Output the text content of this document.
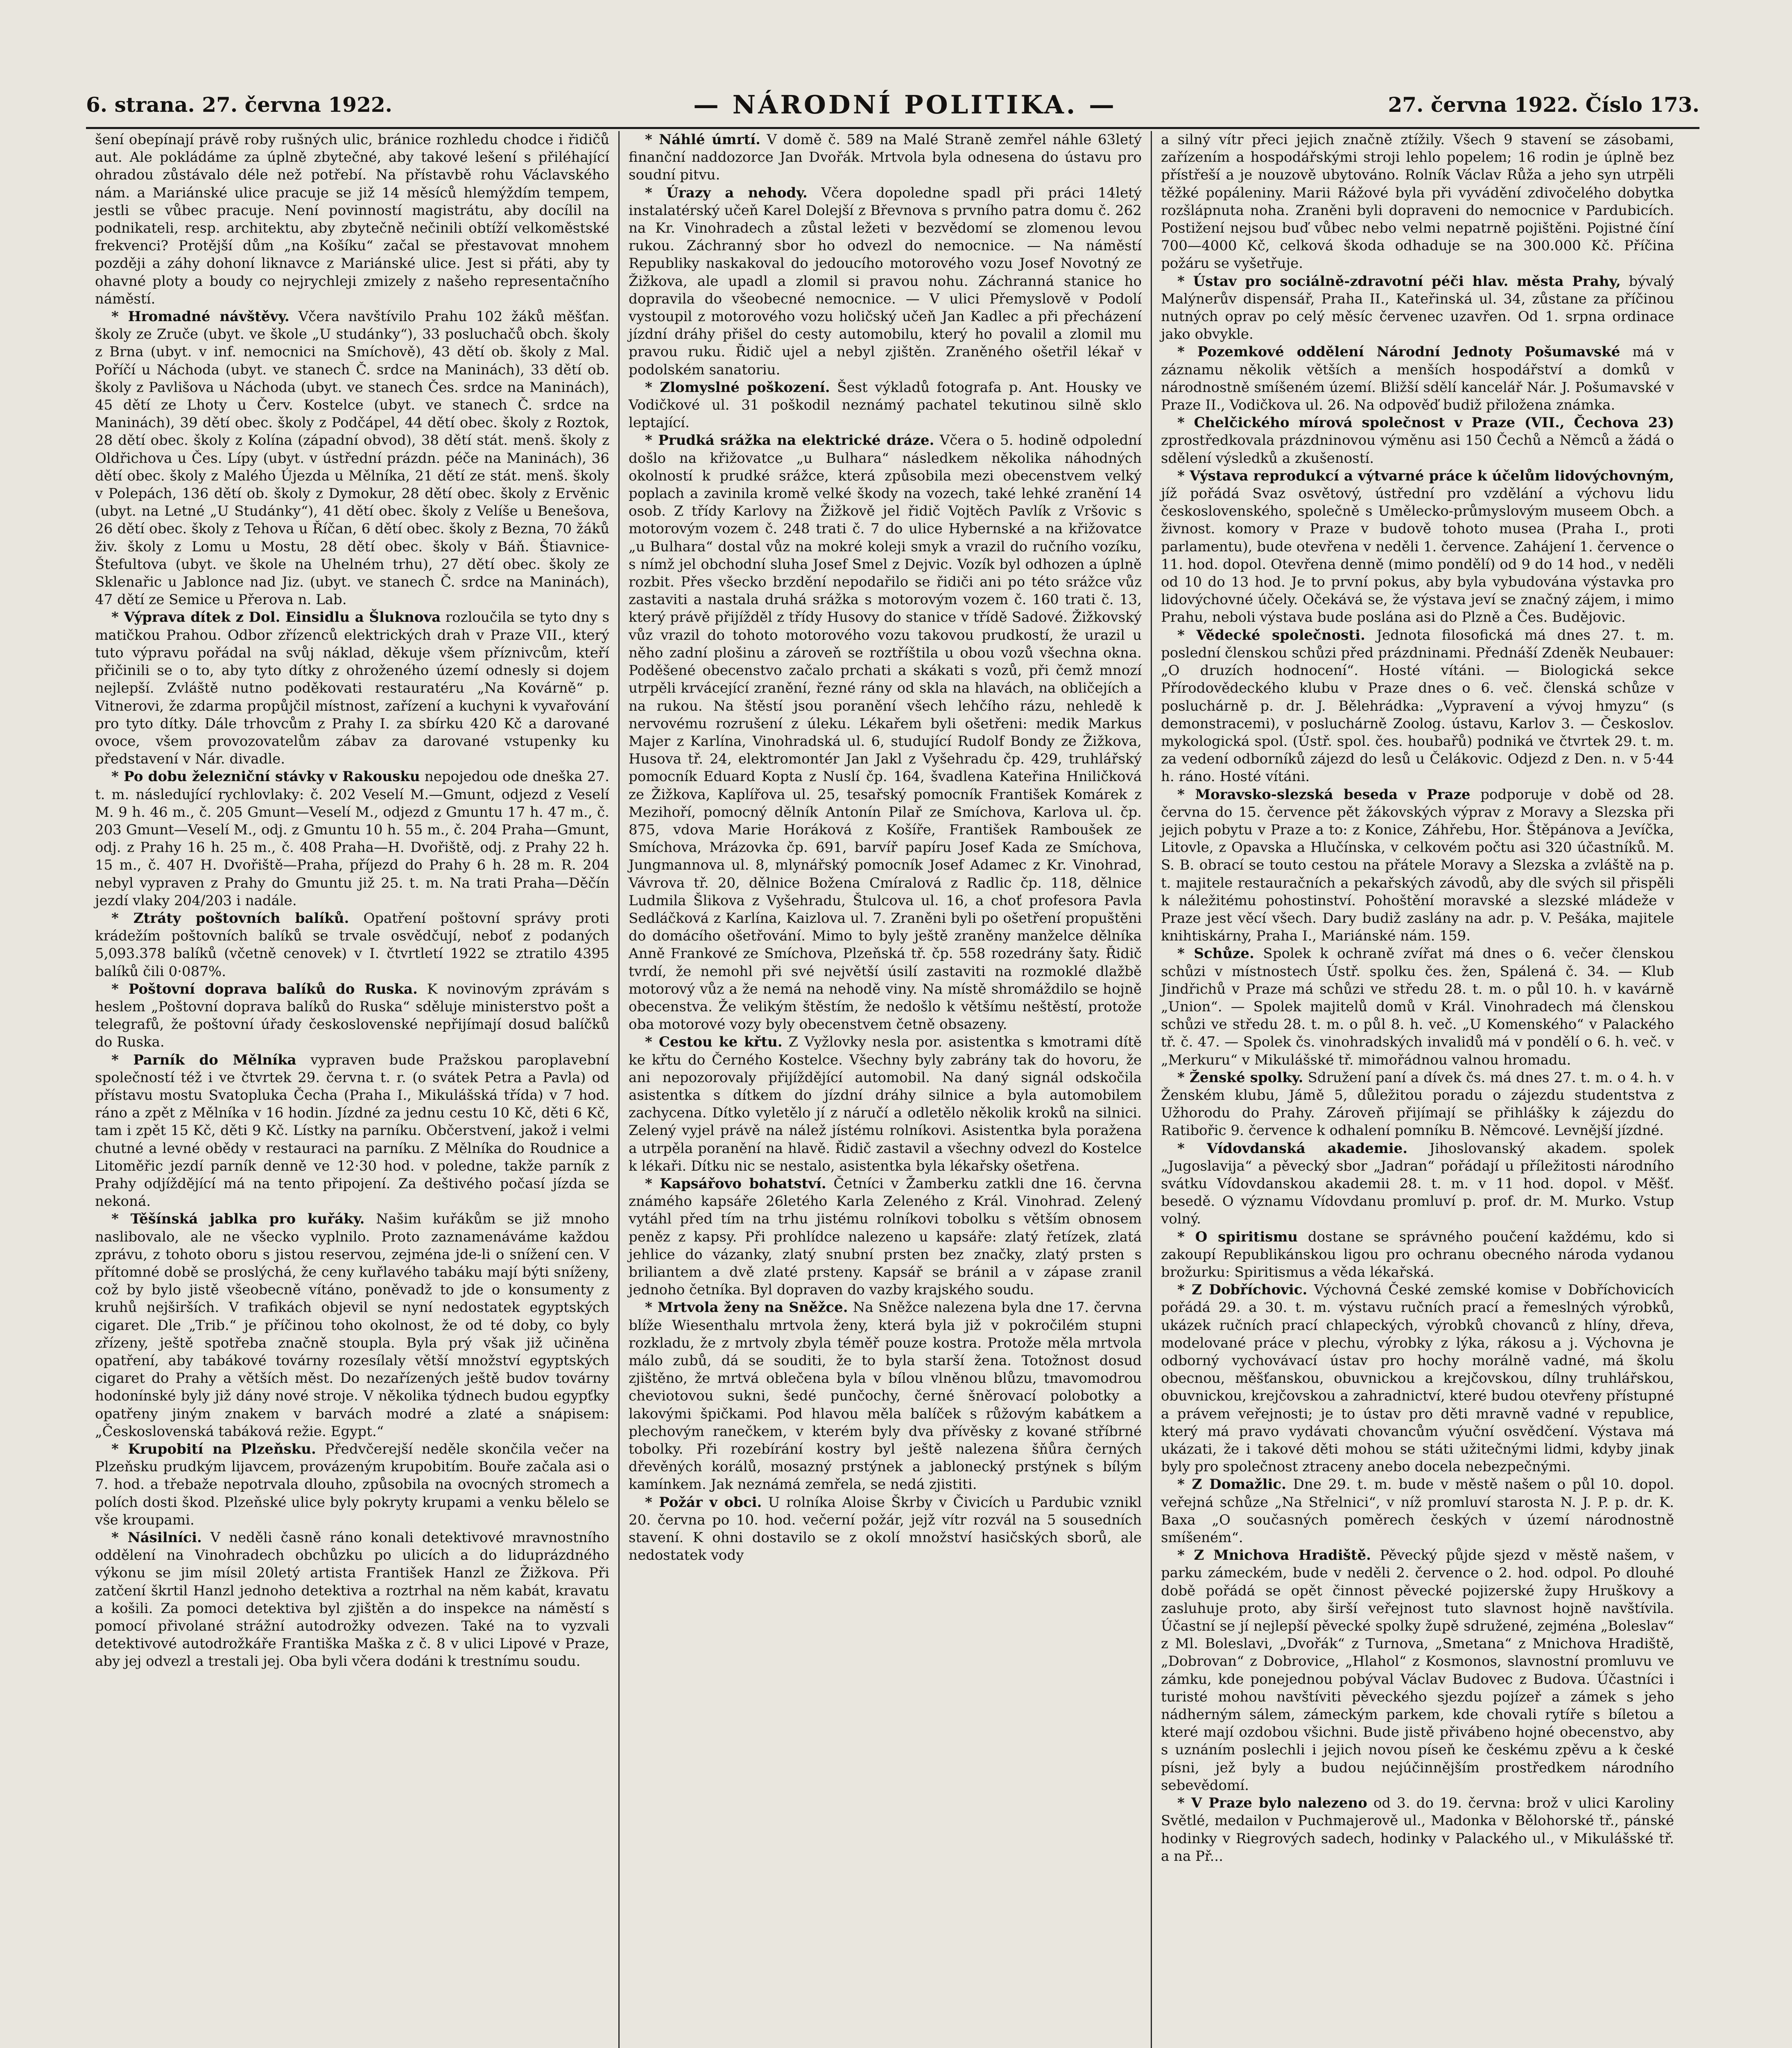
6. strana. 27. června 1922.	— NÁRODNÍ POLITIKA. —	27. června 1922. Číslo 173.

šení obepínají právě roby rušných ulic, bránice rozhledu chodce i řidičů aut. Ale pokládáme za úplně zbytečné, aby takové lešení s přiléhající ohradou zůstávalo déle než potřebí. Na přístavbě rohu Václavského nám. a Mariánské ulice pracuje se již 14 měsíců hlemýždím tempem, jestli se vůbec pracuje. Není povinností magistrátu, aby docílil na podnikateli, resp. architektu, aby zbytečně nečinili obtíží velkoměstské frekvenci? Protější dům „na Košíku“ začal se přestavovat mnohem později a záhy dohoní liknavce z Mariánské ulice. Jest si přáti, aby ty ohavné ploty a boudy co nejrychleji zmizely z našeho representačního náměstí.

* Hromadné návštěvy. Včera navštívilo Prahu 102 žáků měšťan. školy ze Zruče (ubyt. ve škole „U studánky“), 33 posluchačů obch. školy z Brna (ubyt. v inf. nemocnici na Smíchově), 43 dětí ob. školy z Mal. Poříčí u Náchoda (ubyt. ve stanech Č. srdce na Maninách), 33 dětí ob. školy z Pavlišova u Náchoda (ubyt. ve stanech Čes. srdce na Maninách), 45 dětí ze Lhoty u Červ. Kostelce (ubyt. ve stanech Č. srdce na Maninách), 39 dětí obec. školy z Podčápel, 44 dětí obec. školy z Roztok, 28 dětí obec. školy z Kolína (západní obvod), 38 dětí stát. menš. školy z Oldřichova u Čes. Lípy (ubyt. v ústřední prázdn. péče na Maninách), 36 dětí obec. školy z Malého Újezda u Mělníka, 21 dětí ze stát. menš. školy v Polepách, 136 dětí ob. školy z Dymokur, 28 dětí obec. školy z Ervěnic (ubyt. na Letné „U Studánky“), 41 dětí obec. školy z Velíše u Benešova, 26 dětí obec. školy z Tehova u Říčan, 6 dětí obec. školy z Bezna, 70 žáků živ. školy z Lomu u Mostu, 28 dětí obec. školy v Báň. Štiavnice-Štefultova (ubyt. ve škole na Uhelném trhu), 27 dětí obec. školy ze Sklenařic u Jablonce nad Jiz. (ubyt. ve stanech Č. srdce na Maninách), 47 dětí ze Semice u Přerova n. Lab.

* Výprava dítek z Dol. Einsidlu a Šluknova rozloučila se tyto dny s matičkou Prahou. Odbor zřízenců elektrických drah v Praze VII., který tuto výpravu pořádal na svůj náklad, děkuje všem příznivcům, kteří přičinili se o to, aby tyto dítky z ohroženého území odnesly si dojem nejlepší. Zvláště nutno poděkovati restauratéru „Na Kovárně“ p. Vitnerovi, že zdarma propůjčil místnost, zařízení a kuchyni k vyvařování pro tyto dítky. Dále trhovcům z Prahy I. za sbírku 420 Kč a darované ovoce, všem provozovatelům zábav za darované vstupenky ku představení v Nár. divadle.

* Po dobu železniční stávky v Rakousku nepojedou ode dneška 27. t. m. následující rychlovlaky: č. 202 Veselí M.—Gmunt, odjezd z Veselí M. 9 h. 46 m., č. 205 Gmunt—Veselí M., odjezd z Gmuntu 17 h. 47 m., č. 203 Gmunt—Veselí M., odj. z Gmuntu 10 h. 55 m., č. 204 Praha—Gmunt, odj. z Prahy 16 h. 25 m., č. 408 Praha—H. Dvořiště, odj. z Prahy 22 h. 15 m., č. 407 H. Dvořiště—Praha, příjezd do Prahy 6 h. 28 m. R. 204 nebyl vypraven z Prahy do Gmuntu již 25. t. m. Na trati Praha—Děčín jezdí vlaky 204/203 i nadále.

* Ztráty poštovních balíků. Opatření poštovní správy proti krádežím poštovních balíků se trvale osvědčují, neboť z podaných 5,093.378 balíků (včetně cenovek) v I. čtvrtletí 1922 se ztratilo 4395 balíků čili 0·087%.

* Poštovní doprava balíků do Ruska. K novinovým zprávám s heslem „Poštovní doprava balíků do Ruska“ sděluje ministerstvo pošt a telegrafů, že poštovní úřady československé nepřijímají dosud balíčků do Ruska.

* Parník do Mělníka vypraven bude Pražskou paroplavební společností též i ve čtvrtek 29. června t. r. (o svátek Petra a Pavla) od přístavu mostu Svatopluka Čecha (Praha I., Mikulášská třída) v 7 hod. ráno a zpět z Mělníka v 16 hodin. Jízdné za jednu cestu 10 Kč, děti 6 Kč, tam i zpět 15 Kč, děti 9 Kč. Lístky na parníku. Občerstvení, jakož i velmi chutné a levné obědy v restauraci na parníku. Z Mělníka do Roudnice a Litoměřic jezdí parník denně ve 12·30 hod. v poledne, takže parník z Prahy odjíždějící má na tento připojení. Za deštivého počasí jízda se nekoná.

* Těšínská jablka pro kuřáky. Našim kuřákům se již mnoho naslibovalo, ale ne všecko vyplnilo. Proto zaznamenáváme každou zprávu, z tohoto oboru s jistou reservou, zejména jde-li o snížení cen. V přítomné době se proslýchá, že ceny kuřlavého tabáku mají býti sníženy, což by bylo jistě všeobecně vítáno, poněvadž to jde o konsumenty z kruhů nejširších. V trafikách objevil se nyní nedostatek egyptských cigaret. Dle „Trib.“ je příčinou toho okolnost, že od té doby, co byly zřízeny, ještě spotřeba značně stoupla. Byla prý však již učiněna opatření, aby tabákové továrny rozesílaly větší množství egyptských cigaret do Prahy a větších měst. Do nezařízených ještě budov továrny hodonínské byly již dány nové stroje. V několika týdnech budou egypťky opatřeny jiným znakem v barvách modré a zlaté a snápisem: „Československá tabáková režie. Egypt.“

* Krupobití na Plzeňsku. Předvčerejší neděle skončila večer na Plzeňsku prudkým lijavcem, provázeným krupobitím. Bouře začala asi o 7. hod. a třebaže nepotrvala dlouho, způsobila na ovocných stromech a polích dosti škod. Plzeňské ulice byly pokryty krupami a venku bělelo se vše kroupami.

* Násilníci. V neděli časně ráno konali detektivové mravnostního oddělení na Vinohradech obchůzku po ulicích a do liduprázdného výkonu se jim mísil 20letý artista František Hanzl ze Žižkova. Při zatčení škrtil Hanzl jednoho detektiva a roztrhal na něm kabát, kravatu a košili. Za pomoci detektiva byl zjištěn a do inspekce na náměstí s pomocí přivolané strážní autodrožky odvezen. Také na to vyzvali detektivové autodrožkáře Františka Maška z č. 8 v ulici Lipové v Praze, aby jej odvezl a trestali jej. Oba byli včera dodáni k trestnímu soudu.

* Náhlé úmrtí. V domě č. 589 na Malé Straně zemřel náhle 63letý finanční naddozorce Jan Dvořák. Mrtvola byla odnesena do ústavu pro soudní pitvu.

* Úrazy a nehody. Včera dopoledne spadl při práci 14letý instalatérský učeň Karel Dolejší z Břevnova s prvního patra domu č. 262 na Kr. Vinohradech a zůstal ležeti v bezvědomí se zlomenou levou rukou. Záchranný sbor ho odvezl do nemocnice. — Na náměstí Republiky naskakoval do jedoucího motorového vozu Josef Novotný ze Žižkova, ale upadl a zlomil si pravou nohu. Záchranná stanice ho dopravila do všeobecné nemocnice. — V ulici Přemyslově v Podolí vystoupil z motorového vozu holičský učeň Jan Kadlec a při přecházení jízdní dráhy přišel do cesty automobilu, který ho povalil a zlomil mu pravou ruku. Řidič ujel a nebyl zjištěn. Zraněného ošetřil lékař v podolském sanatoriu.

* Zlomyslné poškození. Šest výkladů fotografa p. Ant. Housky ve Vodičkové ul. 31 poškodil neznámý pachatel tekutinou silně sklo leptající.

* Prudká srážka na elektrické dráze. Včera o 5. hodině odpolední došlo na křižovatce „u Bulhara“ následkem několika náhodných okolností k prudké srážce, která způsobila mezi obecenstvem velký poplach a zavinila kromě velké škody na vozech, také lehké zranění 14 osob. Z třídy Karlovy na Žižkově jel řidič Vojtěch Pavlík z Vršovic s motorovým vozem č. 248 trati č. 7 do ulice Hybernské a na křižovatce „u Bulhara“ dostal vůz na mokré koleji smyk a vrazil do ručního vozíku, s nímž jel obchodní sluha Josef Smel z Dejvic. Vozík byl odhozen a úplně rozbit. Přes všecko brzdění nepodařilo se řidiči ani po této srážce vůz zastaviti a nastala druhá srážka s motorovým vozem č. 160 trati č. 13, který právě přijížděl z třídy Husovy do stanice v třídě Sadové. Žižkovský vůz vrazil do tohoto motorového vozu takovou prudkostí, že urazil u něho zadní plošinu a zároveň se roztříštila u obou vozů všechna okna. Poděšené obecenstvo začalo prchati a skákati s vozů, při čemž mnozí utrpěli krvácející zranění, řezné rány od skla na hlavách, na obličejích a na rukou. Na štěstí jsou poranění všech lehčího rázu, nehledě k nervovému rozrušení z úleku. Lékařem byli ošetřeni: medik Markus Majer z Karlína, Vinohradská ul. 6, studující Rudolf Bondy ze Žižkova, Husova tř. 24, elektromontér Jan Jakl z Vyšehradu čp. 429, truhlářský pomocník Eduard Kopta z Nuslí čp. 164, švadlena Kateřina Hniličková ze Žižkova, Kaplířova ul. 25, tesařský pomocník František Komárek z Mezihoří, pomocný dělník Antonín Pilař ze Smíchova, Karlova ul. čp. 875, vdova Marie Horáková z Košíře, František Ramboušek ze Smíchova, Mrázovka čp. 691, barvíř papíru Josef Kada ze Smíchova, Jungmannova ul. 8, mlynářský pomocník Josef Adamec z Kr. Vinohrad, Vávrova tř. 20, dělnice Božena Cmíralová z Radlic čp. 118, dělnice Ludmila Šlikova z Vyšehradu, Štulcova ul. 16, a choť profesora Pavla Sedláčková z Karlína, Kaizlova ul. 7. Zraněni byli po ošetření propuštěni do domácího ošetřování. Mimo to byly ještě zraněny manželce dělníka Anně Frankové ze Smíchova, Plzeňská tř. čp. 558 rozedrány šaty. Řidič tvrdí, že nemohl při své největší úsilí zastaviti na rozmoklé dlažbě motorový vůz a že nemá na nehodě viny. Na místě shromáždilo se hojně obecenstva. Že velikým štěstím, že nedošlo k většímu neštěstí, protože oba motorové vozy byly obecenstvem četně obsazeny.

* Cestou ke křtu. Z Vyžlovky nesla por. asistentka s kmotrami dítě ke křtu do Černého Kostelce. Všechny byly zabrány tak do hovoru, že ani nepozorovaly přijíždějící automobil. Na daný signál odskočila asistentka s dítkem do jízdní dráhy silnice a byla automobilem zachycena. Dítko vyletělo jí z náručí a odletělo několik kroků na silnici. Zelený vyjel právě na nálež jístému rolníkovi. Asistentka byla poražena a utrpěla poranění na hlavě. Řidič zastavil a všechny odvezl do Kostelce k lékaři. Dítku nic se nestalo, asistentka byla lékařsky ošetřena.

* Kapsářovo bohatství. Četníci v Žamberku zatkli dne 16. června známého kapsáře 26letého Karla Zeleného z Král. Vinohrad. Zelený vytáhl před tím na trhu jistému rolníkovi tobolku s větším obnosem peněz z kapsy. Při prohlídce nalezeno u kapsáře: zlatý řetízek, zlatá jehlice do vázanky, zlatý snubní prsten bez značky, zlatý prsten s briliantem a dvě zlaté prsteny. Kapsář se bránil a v zápase zranil jednoho četníka. Byl dopraven do vazby krajského soudu.

* Mrtvola ženy na Sněžce. Na Sněžce nalezena byla dne 17. června blíže Wiesenthalu mrtvola ženy, která byla již v pokročilém stupni rozkladu, že z mrtvoly zbyla téměř pouze kostra. Protože měla mrtvola málo zubů, dá se souditi, že to byla starší žena. Totožnost dosud zjištěno, že mrtvá oblečena byla v bílou vlněnou blůzu, tmavomodrou cheviotovou sukni, šedé punčochy, černé šněrovací polobotky a lakovými špičkami. Pod hlavou měla balíček s růžovým kabátkem a plechovým ranečkem, v kterém byly dva přívěsky z kované stříbrné tobolky. Při rozebírání kostry byl ještě nalezena šňůra černých dřevěných korálů, mosazný prstýnek a jablonecký prstýnek s bílým kamínkem. Jak neznámá zemřela, se nedá zjistiti.

* Požár v obci. U rolníka Aloise Škrby v Čivicích u Pardubic vznikl 20. června po 10. hod. večerní požár, jejž vítr rozvál na 5 sousedních stavení. K ohni dostavilo se z okolí množství hasičských sborů, ale nedostatek vody

a silný vítr přeci jejich značně ztížily. Všech 9 stavení se zásobami, zařízením a hospodářskými stroji lehlo popelem; 16 rodin je úplně bez přístřeší a je nouzově ubytováno. Rolník Václav Růža a jeho syn utrpěli těžké popáleniny. Marii Rážové byla při vyvádění zdivočelého dobytka rozšlápnuta noha. Zraněni byli dopraveni do nemocnice v Pardubicích. Postižení nejsou buď vůbec nebo velmi nepatrně pojištěni. Pojistné číní 700—4000 Kč, celková škoda odhaduje se na 300.000 Kč. Příčina požáru se vyšetřuje.

* Ústav pro sociálně-zdravotní péči hlav. města Prahy, bývalý Malýnerův dispensář, Praha II., Kateřinská ul. 34, zůstane za příčinou nutných oprav po celý měsíc červenec uzavřen. Od 1. srpna ordinace jako obvykle.

* Pozemkové oddělení Národní Jednoty Pošumavské má v záznamu několik větších a menších hospodářství a domků v národnostně smíšeném území. Bližší sdělí kancelář Nár. J. Pošumavské v Praze II., Vodičkova ul. 26. Na odpověď budiž přiložena známka.

* Chelčického mírová společnost v Praze (VII., Čechova 23) zprostředkovala prázdninovou výměnu asi 150 Čechů a Němců a žádá o sdělení výsledků a zkušeností.

* Výstava reprodukcí a výtvarné práce k účelům lidovýchovným, jíž pořádá Svaz osvětový, ústřední pro vzdělání a výchovu lidu československého, společně s Umělecko-průmyslovým museem Obch. a živnost. komory v Praze v budově tohoto musea (Praha I., proti parlamentu), bude otevřena v neděli 1. července. Zahájení 1. července o 11. hod. dopol. Otevřena denně (mimo pondělí) od 9 do 14 hod., v neděli od 10 do 13 hod. Je to první pokus, aby byla vybudována výstavka pro lidovýchovné účely. Očekává se, že výstava jeví se značný zájem, i mimo Prahu, neboli výstava bude poslána asi do Plzně a Čes. Budějovic.

* Vědecké společnosti. Jednota filosofická má dnes 27. t. m. poslední členskou schůzi před prázdninami. Přednáší Zdeněk Neubauer: „O druzích hodnocení“. Hosté vítáni. — Biologická sekce Přírodovědeckého klubu v Praze dnes o 6. več. členská schůze v posluchárně p. dr. J. Bělehrádka: „Vypravení a vývoj hmyzu“ (s demonstracemi), v posluchárně Zoolog. ústavu, Karlov 3. — Českoslov. mykologická spol. (Ústř. spol. čes. houbařů) podniká ve čtvrtek 29. t. m. za vedení odborníků zájezd do lesů u Čelákovic. Odjezd z Den. n. v 5·44 h. ráno. Hosté vítáni.

* Moravsko-slezská beseda v Praze podporuje v době od 28. června do 15. července pět žákovských výprav z Moravy a Slezska při jejich pobytu v Praze a to: z Konice, Záhřebu, Hor. Štěpánova a Jevíčka, Litovle, z Opavska a Hlučínska, v celkovém počtu asi 320 účastníků. M. S. B. obrací se touto cestou na přátele Moravy a Slezska a zvláště na p. t. majitele restauračních a pekařských závodů, aby dle svých sil přispěli k náležitému pohostinství. Pohoštění moravské a slezské mládeže v Praze jest věcí všech. Dary budiž zaslány na adr. p. V. Pešáka, majitele knihtiskárny, Praha I., Mariánské nám. 159.

* Schůze. Spolek k ochraně zvířat má dnes o 6. večer členskou schůzi v místnostech Ústř. spolku čes. žen, Spálená č. 34. — Klub Jindřichů v Praze má schůzi ve středu 28. t. m. o půl 10. h. v kavárně „Union“. — Spolek majitelů domů v Král. Vinohradech má členskou schůzi ve středu 28. t. m. o půl 8. h. več. „U Komenského“ v Palackého tř. č. 47. — Spolek čs. vinohradských invalidů má v pondělí o 6. h. več. v „Merkuru“ v Mikulášské tř. mimořádnou valnou hromadu.

* Ženské spolky. Sdružení paní a dívek čs. má dnes 27. t. m. o 4. h. v Ženském klubu, Jámě 5, důležitou poradu o zájezdu studentstva z Užhorodu do Prahy. Zároveň přijímají se přihlášky k zájezdu do Ratibořic 9. července k odhalení pomníku B. Němcové. Levnější jízdné.

* Vídovdanská akademie. Jihoslovanský akadem. spolek „Jugoslavija“ a pěvecký sbor „Jadran“ pořádají u příležitosti národního svátku Vídovdanskou akademii 28. t. m. v 11 hod. dopol. v Měšť. besedě. O významu Vídovdanu promluví p. prof. dr. M. Murko. Vstup volný.

* O spiritismu dostane se správného poučení každému, kdo si zakoupí Republikánskou ligou pro ochranu obecného národa vydanou brožurku: Spiritismus a věda lékařská.

* Z Dobříchovic. Výchovná České zemské komise v Dobříchovicích pořádá 29. a 30. t. m. výstavu ručních prací a řemeslných výrobků, ukázek ručních prací chlapeckých, výrobků chovanců z hlíny, dřeva, modelované práce v plechu, výrobky z lýka, rákosu a j. Výchovna je odborný vychovávací ústav pro hochy morálně vadné, má školu obecnou, měšťanskou, obuvnickou a krejčovskou, dílny truhlářskou, obuvnickou, krejčovskou a zahradnictví, které budou otevřeny přístupné a právem veřejnosti; je to ústav pro děti mravně vadné v republice, který má pravo vydávati chovancům výuční osvědčení. Výstava má ukázati, že i takové děti mohou se státi užitečnými lidmi, kdyby jinak byly pro společnost ztraceny anebo docela nebezpečnými.

* Z Domažlic. Dne 29. t. m. bude v městě našem o půl 10. dopol. veřejná schůze „Na Střelnici“, v níž promluví starosta N. J. P. p. dr. K. Baxa „O současných poměrech českých v území národnostně smíšeném“.

* Z Mnichova Hradiště. Pěvecký půjde sjezd v městě našem, v parku zámeckém, bude v neděli 2. července o 2. hod. odpol. Po dlouhé době pořádá se opět činnost pěvecké pojizerské župy Hruškovy a zasluhuje proto, aby širší veřejnost tuto slavnost hojně navštívila. Účastní se jí nejlepší pěvecké spolky župě sdružené, zejména „Boleslav“ z Ml. Boleslavi, „Dvořák“ z Turnova, „Smetana“ z Mnichova Hradiště, „Dobrovan“ z Dobrovice, „Hlahol“ z Kosmonos, slavnostní promluvu ve zámku, kde ponejednou pobýval Václav Budovec z Budova. Účastníci i turisté mohou navštíviti pěveckého sjezdu pojízeř a zámek s jeho nádherným sálem, zámeckým parkem, kde chovali rytíře s bíletou a které mají ozdobou všichni. Bude jistě přivábeno hojné obecenstvo, aby s uznáním poslechli i jejich novou píseň ke českému zpěvu a k české písni, jež byly a budou nejúčinnějším prostředkem národního sebevědomí.

* V Praze bylo nalezeno od 3. do 19. června: brož v ulici Karoliny Světlé, medailon v Puchmajerově ul., Madonka v Bělohorské tř., pánské hodinky v Riegrových sadech, hodinky v Palackého ul., v Mikulášské tř. a na Př...
